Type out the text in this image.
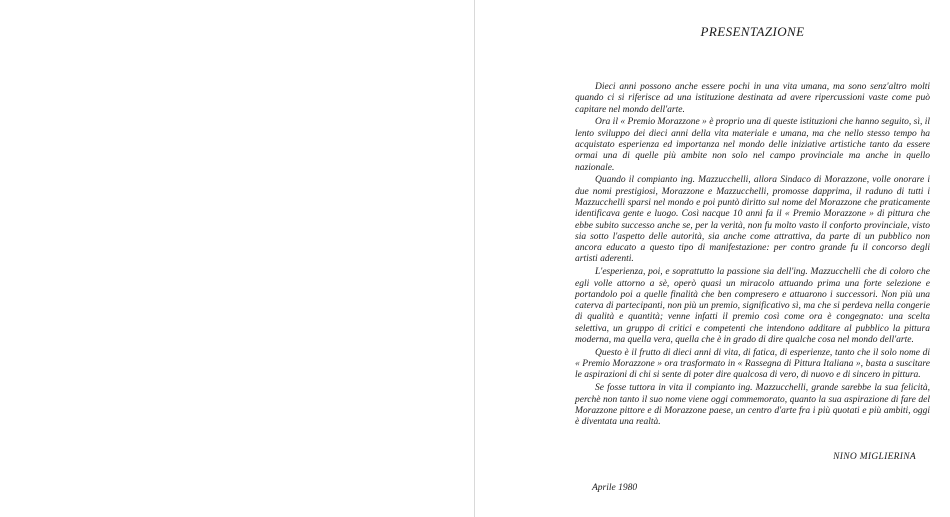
PRESENTAZIONE

Dieci anni possono anche essere pochi in una vita umana, ma sono senz'altro molti quando ci si riferisce ad una istituzione destinata ad avere ripercussioni vaste come può capitare nel mondo dell'arte.

Ora il « Premio Morazzone » è proprio una di queste istituzioni che hanno seguito, sì, il lento sviluppo dei dieci anni della vita materiale e umana, ma che nello stesso tempo ha acquistato esperienza ed importanza nel mondo delle iniziative artistiche tanto da essere ormai una di quelle più ambite non solo nel campo provinciale ma anche in quello nazionale.

Quando il compianto ing. Mazzucchelli, allora Sindaco di Morazzone, volle onorare i due nomi prestigiosi, Morazzone e Mazzucchelli, promosse dapprima, il raduno di tutti i Mazzucchelli sparsi nel mondo e poi puntò diritto sul nome del Morazzone che praticamente identificava gente e luogo. Così nacque 10 anni fa il « Premio Morazzone » di pittura che ebbe subito successo anche se, per la verità, non fu molto vasto il conforto provinciale, visto sia sotto l'aspetto delle autorità, sia anche come attrattiva, da parte di un pubblico non ancora educato a questo tipo di manifestazione: per contro grande fu il concorso degli artisti aderenti.

L'esperienza, poi, e soprattutto la passione sia dell'ing. Mazzucchelli che di coloro che egli volle attorno a sè, operò quasi un miracolo attuando prima una forte selezione e portandolo poi a quelle finalità che ben compresero e attuarono i successori. Non più una caterva di partecipanti, non più un premio, significativo sì, ma che si perdeva nella congerie di qualità e quantità; venne infatti il premio così come ora è congegnato: una scelta selettiva, un gruppo di critici e competenti che intendono additare al pubblico la pittura moderna, ma quella vera, quella che è in grado di dire qualche cosa nel mondo dell'arte.

Questo è il frutto di dieci anni di vita, di fatica, di esperienze, tanto che il solo nome di « Premio Morazzone » ora trasformato in « Rassegna di Pittura Italiana », basta a suscitare le aspirazioni di chi si sente di poter dire qualcosa di vero, di nuovo e di sincero in pittura.

Se fosse tuttora in vita il compianto ing. Mazzucchelli, grande sarebbe la sua felicità, perchè non tanto il suo nome viene oggi commemorato, quanto la sua aspirazione di fare del Morazzone pittore e di Morazzone paese, un centro d'arte fra i più quotati e più ambiti, oggi è diventata una realtà.

NINO MIGLIERINA
Aprile 1980
